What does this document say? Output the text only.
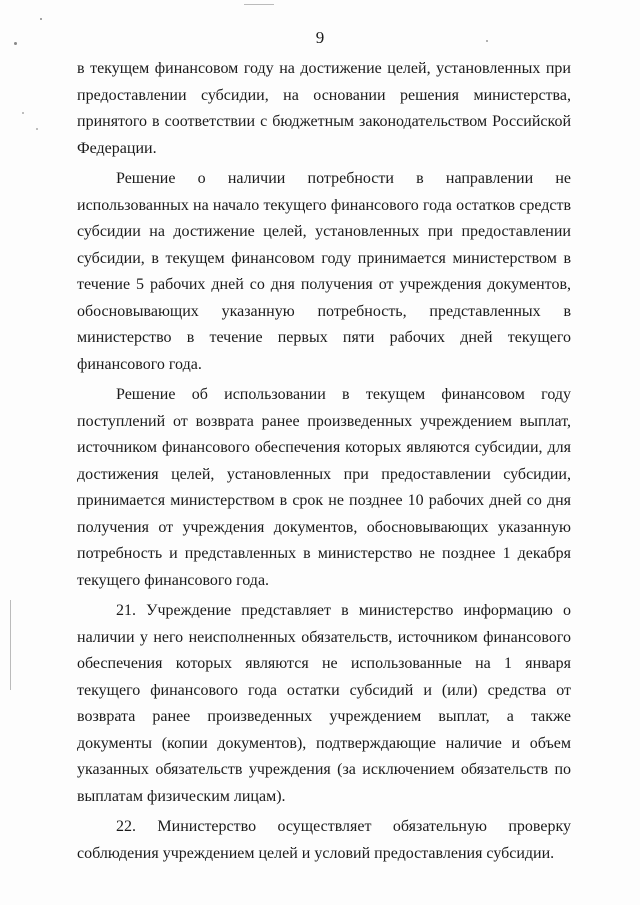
9

в текущем финансовом году на достижение целей, установленных при предоставлении субсидии, на основании решения министерства, принятого в соответствии с бюджетным законодательством Российской Федерации.

Решение о наличии потребности в направлении не использованных на начало текущего финансового года остатков средств субсидии на достижение целей, установленных при предоставлении субсидии, в текущем финансовом году принимается министерством в течение 5 рабочих дней со дня получения от учреждения документов, обосновывающих указанную потребность, представленных в министерство в течение первых пяти рабочих дней текущего финансового года.

Решение об использовании в текущем финансовом году поступлений от возврата ранее произведенных учреждением выплат, источником финансового обеспечения которых являются субсидии, для достижения целей, установленных при предоставлении субсидии, принимается министерством в срок не позднее 10 рабочих дней со дня получения от учреждения документов, обосновывающих указанную потребность и представленных в министерство не позднее 1 декабря текущего финансового года.

21. Учреждение представляет в министерство информацию о наличии у него неисполненных обязательств, источником финансового обеспечения которых являются не использованные на 1 января текущего финансового года остатки субсидий и (или) средства от возврата ранее произведенных учреждением выплат, а также документы (копии документов), подтверждающие наличие и объем указанных обязательств учреждения (за исключением обязательств по выплатам физическим лицам).

22. Министерство осуществляет обязательную проверку соблюдения учреждением целей и условий предоставления субсидии.
